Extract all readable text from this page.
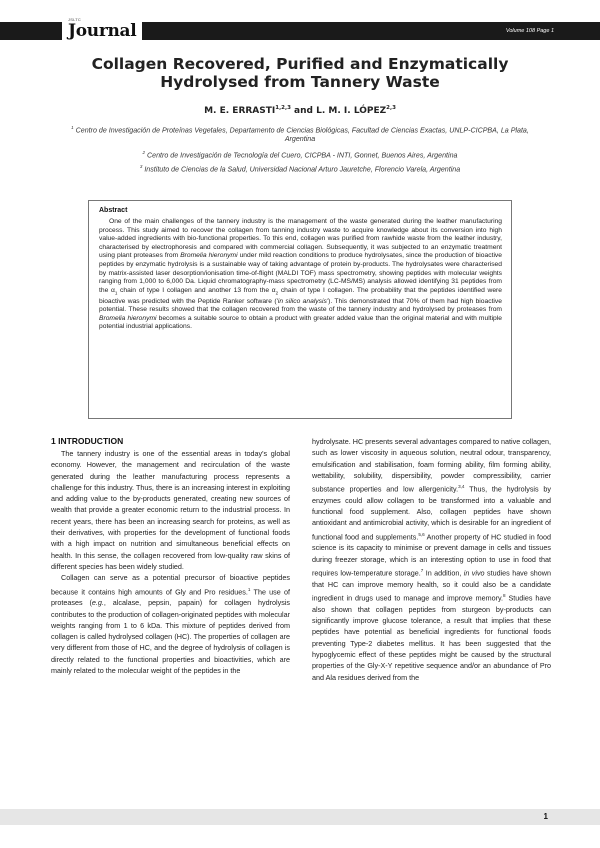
JSLTC
Journal	Volume 108 Page 1
Collagen Recovered, Purified and Enzymatically Hydrolysed from Tannery Waste
M. E. ERRASTI$^{1,2,3}$ and L. M. I. LÓPEZ$^{2,3}$
$^1$ Centro de Investigación de Proteínas Vegetales, Departamento de Ciencias Biológicas, Facultad de Ciencias Exactas, UNLP-CICPBA, La Plata, Argentina
$^2$ Centro de Investigación de Tecnología del Cuero, CICPBA - INTI, Gonnet, Buenos Aires, Argentina
$^3$ Instituto de Ciencias de la Salud, Universidad Nacional Arturo Jauretche, Florencio Varela, Argentina
Abstract
One of the main challenges of the tannery industry is the management of the waste generated during the leather manufacturing process. This study aimed to recover the collagen from tanning industry waste to acquire knowledge about its conversion into high value-added ingredients with bio-functional properties. To this end, collagen was purified from rawhide waste from the leather industry, characterised by electrophoresis and compared with commercial collagen. Subsequently, it was subjected to an enzymatic treatment using plant proteases from Bromelia hieronymi under mild reaction conditions to produce hydrolysates, since the production of bioactive peptides by enzymatic hydrolysis is a sustainable way of taking advantage of protein by-products. The hydrolysates were characterised by matrix-assisted laser desorption/ionisation time-of-flight (MALDI TOF) mass spectrometry, showing peptides with molecular weights ranging from 1,000 to 6,000 Da. Liquid chromatography-mass spectrometry (LC-MS/MS) analysis allowed identifying 31 peptides from the $\alpha_1$ chain of type I collagen and another 13 from the $\alpha_2$ chain of type I collagen. The probability that the peptides identified were bioactive was predicted with the Peptide Ranker software ('in silico analysis'). This demonstrated that 70% of them had high bioactive potential. These results showed that the collagen recovered from the waste of the tannery industry and hydrolysed by proteases from Bromelia hieronymi becomes a suitable source to obtain a product with greater added value than the original material and with multiple potential industrial applications.
1 INTRODUCTION

The tannery industry is one of the essential areas in today's global economy. However, the management and recirculation of the waste generated during the leather manufacturing process represents a challenge for this industry. Thus, there is an increasing interest in exploiting and adding value to the by-products generated, creating new sources of wealth that provide a greater economic return to the industrial process. In recent years, there has been an increasing search for proteins, as well as their derivatives, with properties for the development of functional foods with a high impact on nutrition and simultaneous beneficial effects on health. In this sense, the collagen recovered from low-quality raw skins of different species has been widely studied.

Collagen can serve as a potential precursor of bioactive peptides because it contains high amounts of Gly and Pro residues.$^1$ The use of proteases (e.g., alcalase, pepsin, papain) for collagen hydrolysis contributes to the production of collagen-originated peptides with molecular weights ranging from 1 to 6 kDa. This mixture of peptides derived from collagen is called hydrolysed collagen (HC). The properties of collagen are very different from those of HC, and the degree of hydrolysis of collagen is directly related to the functional properties and bioactivities, which are mainly related to the molecular weight of the peptides in the

hydrolysate. HC presents several advantages compared to native collagen, such as lower viscosity in aqueous solution, neutral odour, transparency, emulsification and stabilisation, foam forming ability, film forming ability, wettability, solubility, dispersibility, powder compressibility, carrier substance properties and low allergenicity.$^{3,4}$ Thus, the hydrolysis by enzymes could allow collagen to be transformed into a valuable and functional food supplement. Also, collagen peptides have shown antioxidant and antimicrobial activity, which is desirable for an ingredient of functional food and supplements.$^{5,6}$ Another property of HC studied in food science is its capacity to minimise or prevent damage in cells and tissues during freezer storage, which is an interesting option to use in food that requires low-temperature storage.$^7$ In addition, in vivo studies have shown that HC can improve memory health, so it could also be a candidate ingredient in drugs used to manage and improve memory.$^8$ Studies have also shown that collagen peptides from sturgeon by-products can significantly improve glucose tolerance, a result that implies that these peptides have potential as beneficial ingredients for functional foods preventing Type-2 diabetes mellitus. It has been suggested that the hypoglycemic effect of these peptides might be caused by the structural properties of the Gly-X-Y repetitive sequence and/or an abundance of Pro and Ala residues derived from the

1
